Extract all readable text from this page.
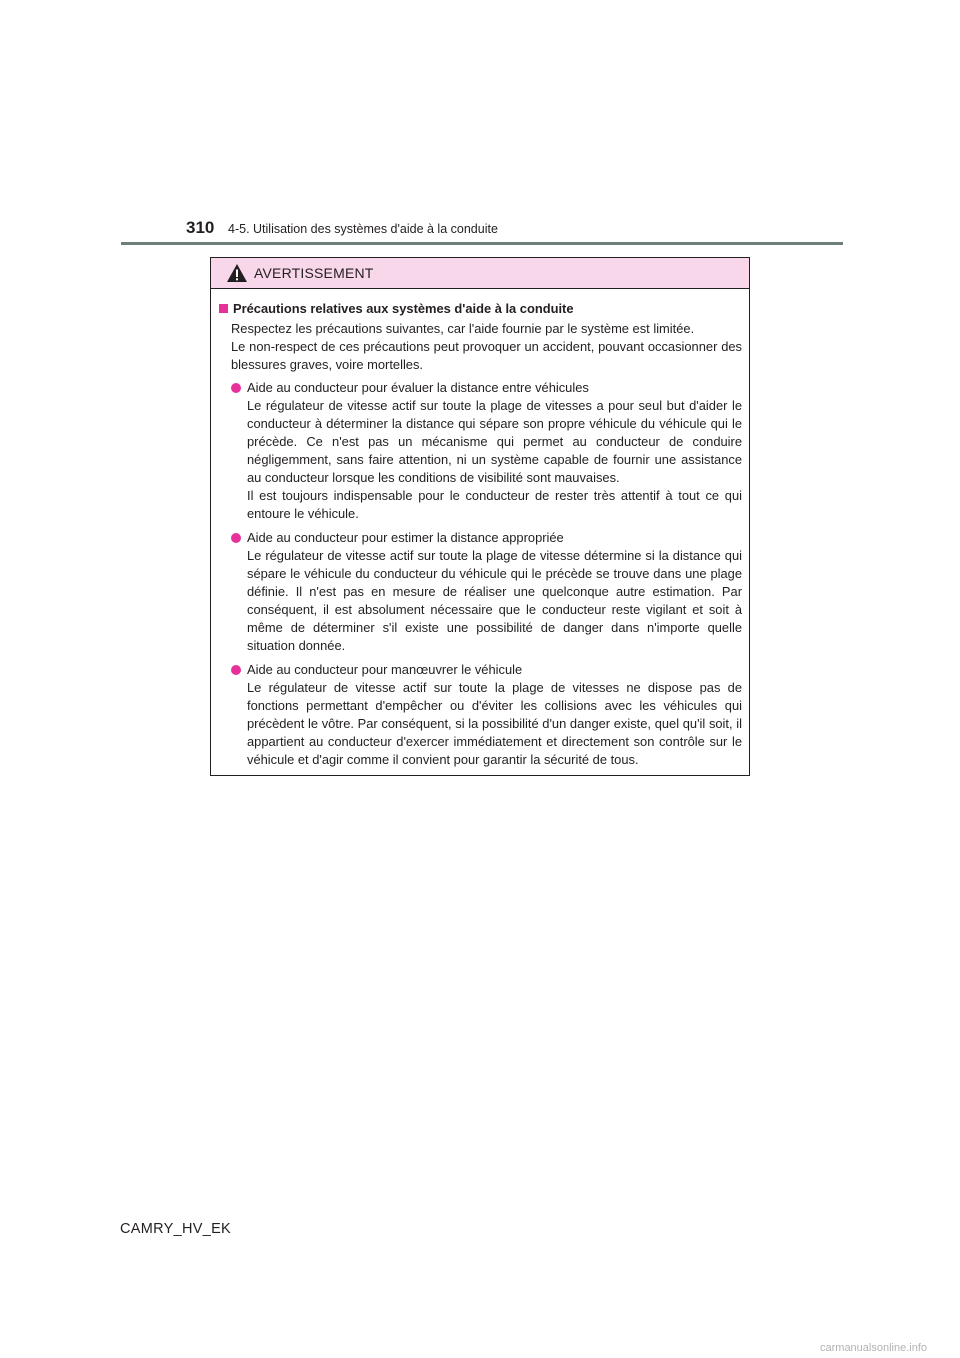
310 4-5. Utilisation des systèmes d'aide à la conduite
AVERTISSEMENT
Précautions relatives aux systèmes d'aide à la conduite

Respectez les précautions suivantes, car l'aide fournie par le système est limitée.

Le non-respect de ces précautions peut provoquer un accident, pouvant occasionner des blessures graves, voire mortelles.

Aide au conducteur pour évaluer la distance entre véhicules

Le régulateur de vitesse actif sur toute la plage de vitesses a pour seul but d'aider le conducteur à déterminer la distance qui sépare son propre véhicule du véhicule qui le précède. Ce n'est pas un mécanisme qui permet au conducteur de conduire négligemment, sans faire attention, ni un système capable de fournir une assistance au conducteur lorsque les conditions de visibilité sont mauvaises.

Il est toujours indispensable pour le conducteur de rester très attentif à tout ce qui entoure le véhicule.

Aide au conducteur pour estimer la distance appropriée

Le régulateur de vitesse actif sur toute la plage de vitesse détermine si la distance qui sépare le véhicule du conducteur du véhicule qui le précède se trouve dans une plage définie. Il n'est pas en mesure de réaliser une quelconque autre estimation. Par conséquent, il est absolument nécessaire que le conducteur reste vigilant et soit à même de déterminer s'il existe une possibilité de danger dans n'importe quelle situation donnée.

Aide au conducteur pour manœuvrer le véhicule

Le régulateur de vitesse actif sur toute la plage de vitesses ne dispose pas de fonctions permettant d'empêcher ou d'éviter les collisions avec les véhicules qui précèdent le vôtre. Par conséquent, si la possibilité d'un danger existe, quel qu'il soit, il appartient au conducteur d'exercer immédiatement et directement son contrôle sur le véhicule et d'agir comme il convient pour garantir la sécurité de tous.

CAMRY_HV_EK
carmanualsonline.info
